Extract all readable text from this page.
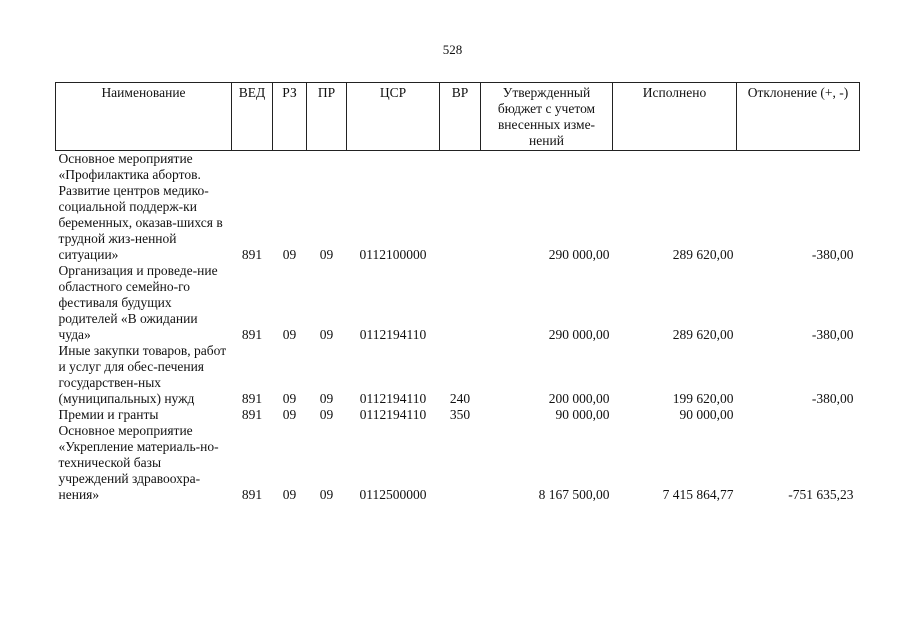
528
Наименование	ВЕД	РЗ	ПР	ЦСР	ВР	Утвержденный бюджет с учетом внесенных изме-нений	Исполнено	Отклонение (+, -)
Основное мероприятие «Профилактика абортов. Развитие центров медико-социальной поддерж-ки беременных, оказав-шихся в трудной жиз-ненной ситуации»	891	09	09	0112100000		290 000,00	289 620,00	-380,00
Организация и проведе-ние областного семейно-го фестиваля будущих родителей «В ожидании чуда»	891	09	09	0112194110		290 000,00	289 620,00	-380,00
Иные закупки товаров, работ и услуг для обес-печения государствен-ных (муниципальных) нужд	891	09	09	0112194110	240	200 000,00	199 620,00	-380,00
Премии и гранты	891	09	09	0112194110	350	90 000,00	90 000,00	
Основное мероприятие «Укрепление материаль-но-технической базы учреждений здравоохра-нения»	891	09	09	0112500000		8 167 500,00	7 415 864,77	-751 635,23
